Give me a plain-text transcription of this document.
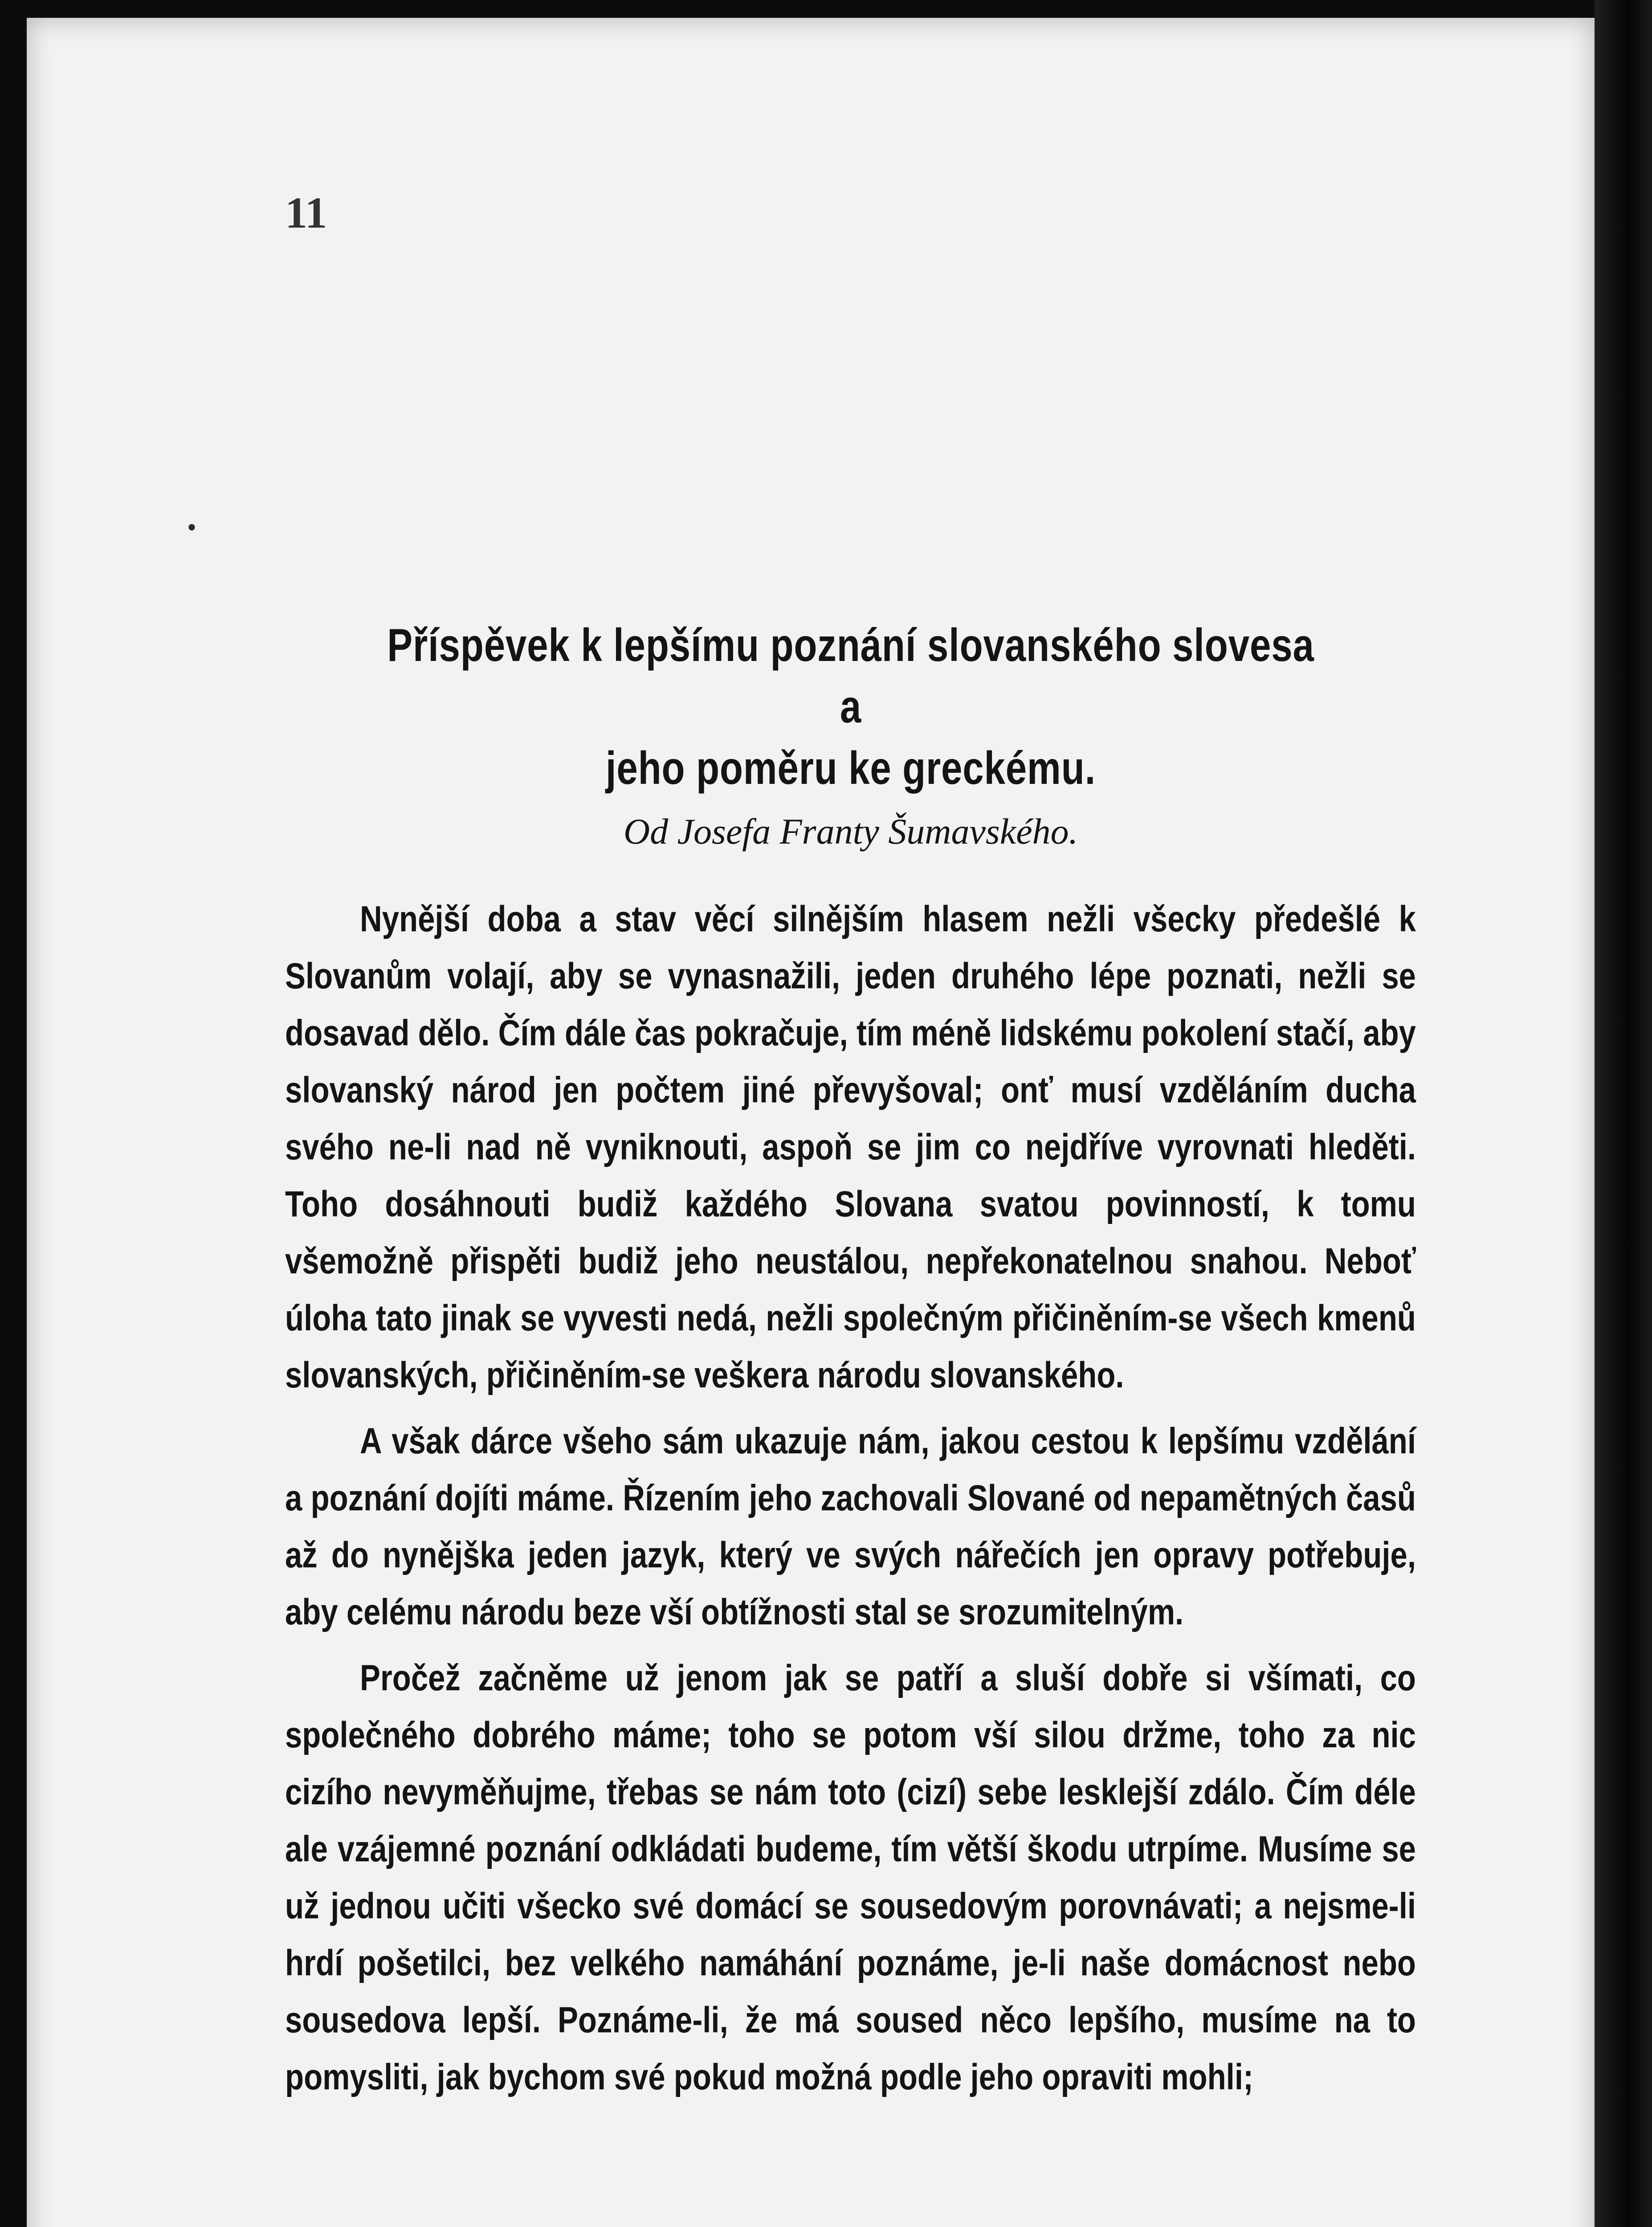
•
11
Příspěvek k lepšímu poznání slovanského slovesa a
jeho poměru ke greckému.
Od Josefa Franty Šumavského.

Nynější doba a stav věcí silnějším hlasem nežli všecky předešlé k Slovanům volají, aby se vynasnažili, jeden druhého lépe poznati, nežli se dosavad dělo. Čím dále čas pokračuje, tím méně lidskému pokolení stačí, aby slovanský národ jen počtem jiné převyšoval; onť musí vzděláním ducha svého ne-li nad ně vyniknouti, aspoň se jim co nejdříve vyrovnati hleděti. Toho dosáhnouti budiž každého Slovana svatou povinností, k tomu všemožně přispěti budiž jeho neustálou, nepřekonatelnou snahou. Neboť úloha tato jinak se vyvesti nedá, nežli společným přičiněním-se všech kmenů slovanských, přičiněním-se veškera národu slovanského.

A však dárce všeho sám ukazuje nám, jakou cestou k lepšímu vzdělání a poznání dojíti máme. Řízením jeho zachovali Slované od nepamětných časů až do nynějška jeden jazyk, který ve svých nářečích jen opravy potřebuje, aby celému národu beze vší obtížnosti stal se srozumitelným.

Pročež začněme už jenom jak se patří a sluší dobře si všímati, co společného dobrého máme; toho se potom vší silou držme, toho za nic cizího nevyměňujme, třebas se nám toto (cizí) sebe lesklejší zdálo. Čím déle ale vzájemné poznání odkládati budeme, tím větší škodu utrpíme. Musíme se už jednou učiti všecko své domácí se sousedovým porovnávati; a nejsme-li hrdí pošetilci, bez velkého namáhání poznáme, je-li naše domácnost nebo sousedova lepší. Poznáme-li, že má soused něco lepšího, musíme na to pomysliti, jak bychom své pokud možná podle jeho opraviti mohli;
